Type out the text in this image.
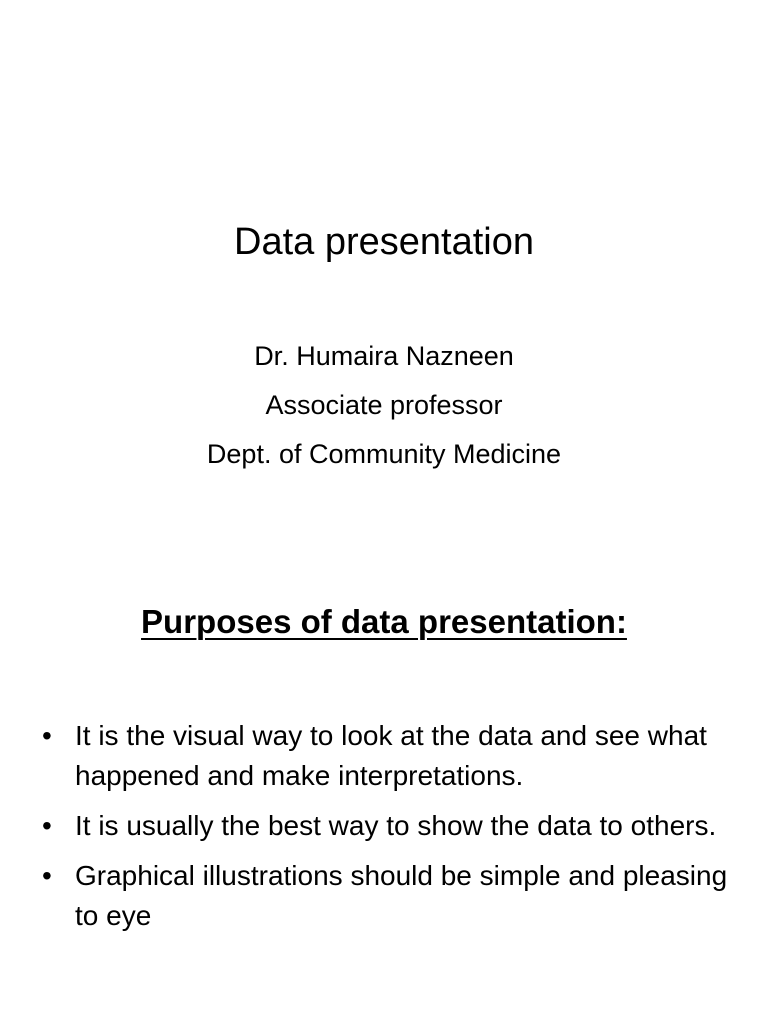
Data presentation
Dr. Humaira Nazneen
Associate professor
Dept. of Community Medicine
Purposes of data presentation:
• It is the visual way to look at the data and see what happened and make interpretations.
• It is usually the best way to show the data to others.
• Graphical illustrations should be simple and pleasing to eye
